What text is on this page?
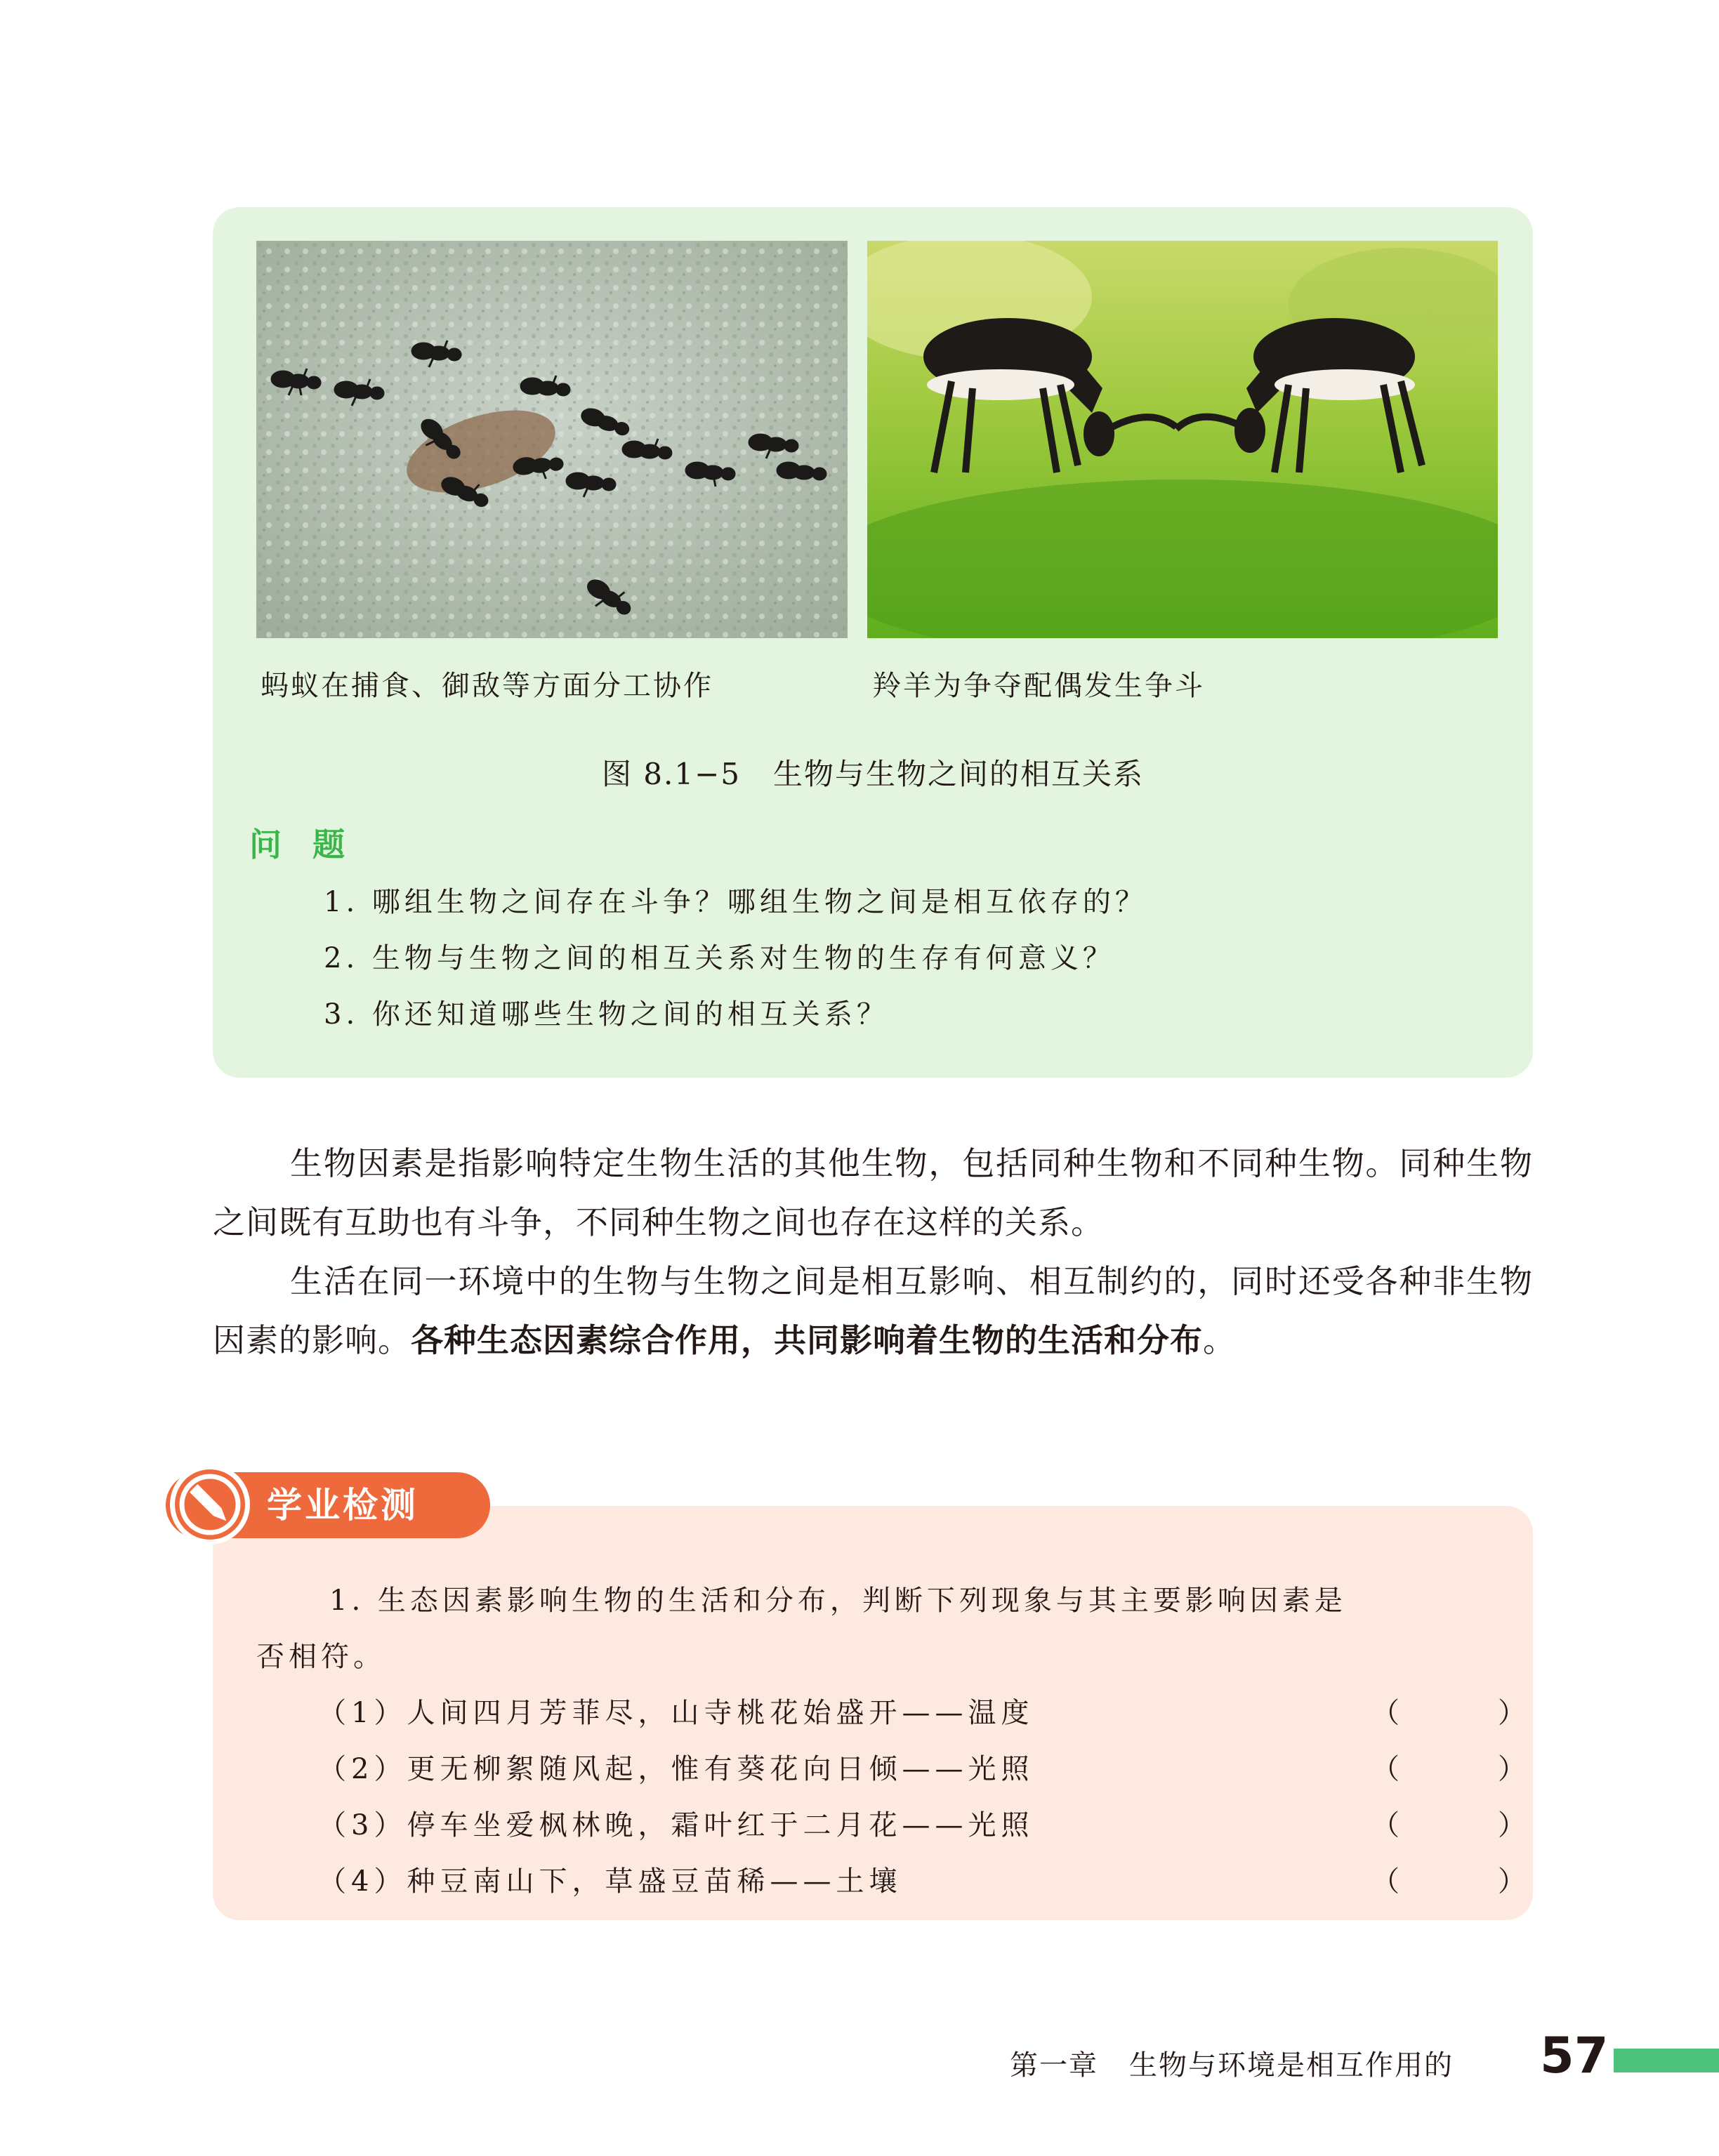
蚂蚁在捕食、御敌等方面分工协作	羚羊为争夺配偶发生争斗
图 8.1−5 生物与生物之间的相互关系
问题
1. 哪组生物之间存在斗争？哪组生物之间是相互依存的？
2. 生物与生物之间的相互关系对生物的生存有何意义？
3. 你还知道哪些生物之间的相互关系？

生物因素是指影响特定生物生活的其他生物，包括同种生物和不同种生物。同种生物之间既有互助也有斗争，不同种生物之间也存在这样的关系。

生活在同一环境中的生物与生物之间是相互影响、相互制约的，同时还受各种非生物因素的影响。各种生态因素综合作用，共同影响着生物的生活和分布。

1. 生态因素影响生物的生活和分布，判断下列现象与其主要影响因素是
否相符。
（1）人间四月芳菲尽，山寺桃花始盛开——温度	（	）
（2）更无柳絮随风起，惟有葵花向日倾——光照	（	）
（3）停车坐爱枫林晚，霜叶红于二月花——光照	（	）
（4）种豆南山下，草盛豆苗稀——土壤	（	）
学业检测
第一章 生物与环境是相互作用的 57
